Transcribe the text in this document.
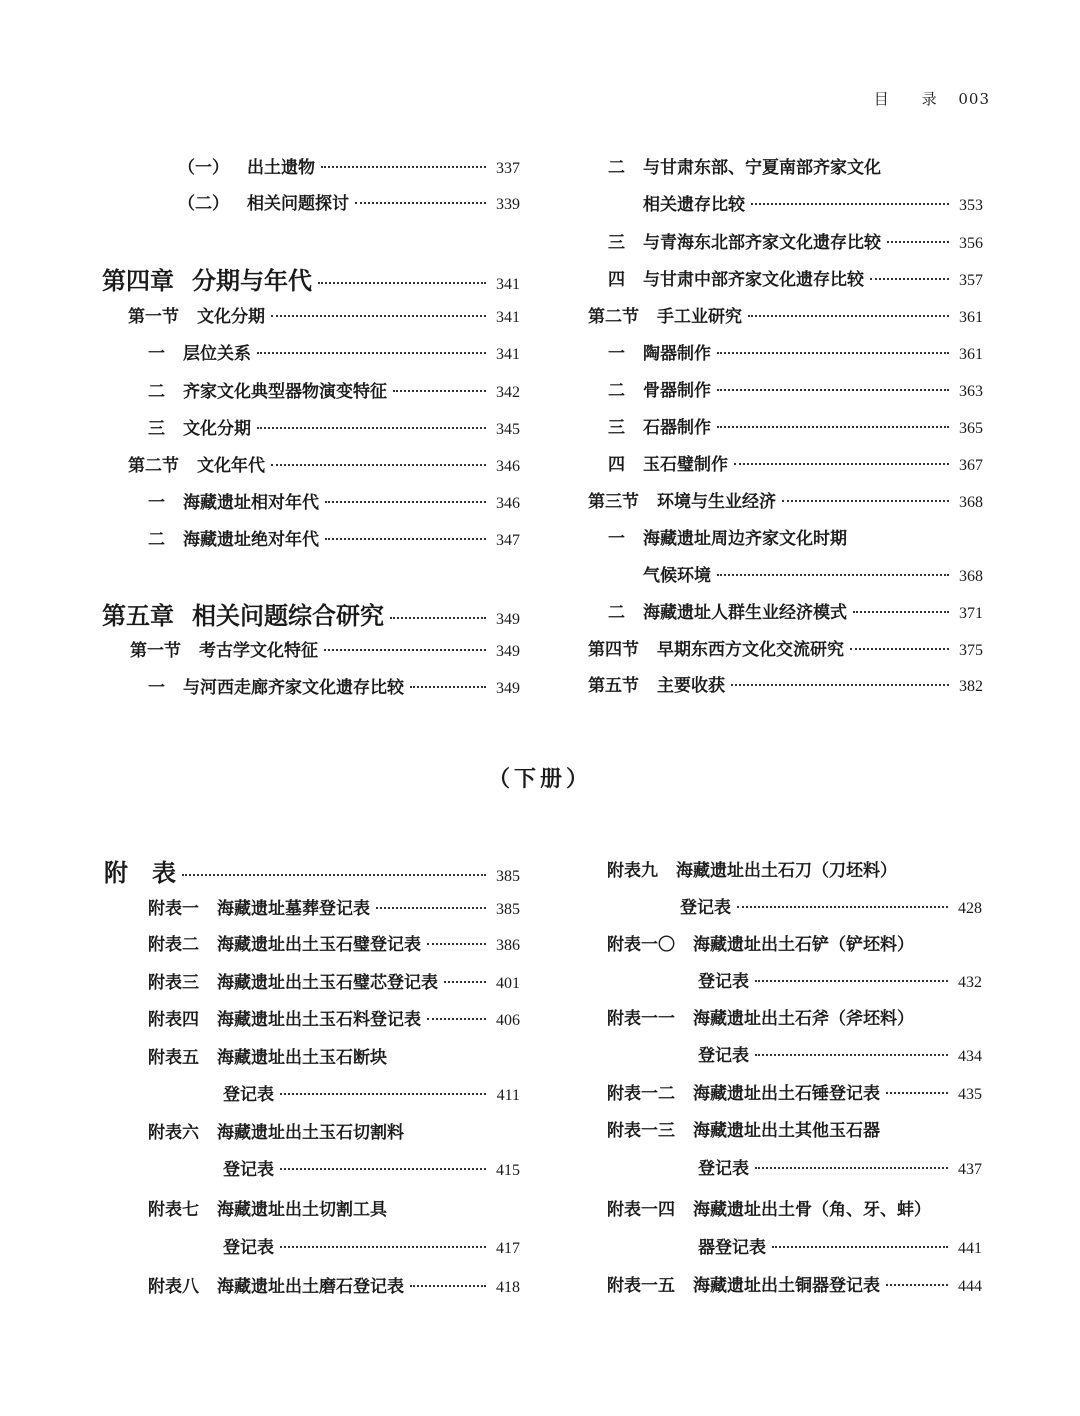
目 录 003
（一） 出土遗物	337
（二） 相关问题探讨	339
第四章 分期与年代	341
第一节 文化分期	341
一 层位关系	341
二 齐家文化典型器物演变特征	342
三 文化分期	345
第二节 文化年代	346
一 海藏遗址相对年代	346
二 海藏遗址绝对年代	347
第五章 相关问题综合研究	349
第一节 考古学文化特征	349
一 与河西走廊齐家文化遗存比较	349
二 与甘肃东部、宁夏南部齐家文化
相关遗存比较	353
三 与青海东北部齐家文化遗存比较	356
四 与甘肃中部齐家文化遗存比较	357
第二节 手工业研究	361
一 陶器制作	361
二 骨器制作	363
三 石器制作	365
四 玉石璧制作	367
第三节 环境与生业经济	368
一 海藏遗址周边齐家文化时期
气候环境	368
二 海藏遗址人群生业经济模式	371
第四节 早期东西方文化交流研究	375
第五节 主要收获	382
（下册）
附　表	385
附表一 海藏遗址墓葬登记表	385
附表二 海藏遗址出土玉石璧登记表	386
附表三 海藏遗址出土玉石璧芯登记表	401
附表四 海藏遗址出土玉石料登记表	406
附表五 海藏遗址出土玉石断块
登记表	411
附表六 海藏遗址出土玉石切割料
登记表	415
附表七 海藏遗址出土切割工具
登记表	417
附表八 海藏遗址出土磨石登记表	418
附表九 海藏遗址出土石刀（刀坯料）
登记表	428
附表一〇 海藏遗址出土石铲（铲坯料）
登记表	432
附表一一 海藏遗址出土石斧（斧坯料）
登记表	434
附表一二 海藏遗址出土石锤登记表	435
附表一三 海藏遗址出土其他玉石器
登记表	437
附表一四 海藏遗址出土骨（角、牙、蚌）
器登记表	441
附表一五 海藏遗址出土铜器登记表	444
